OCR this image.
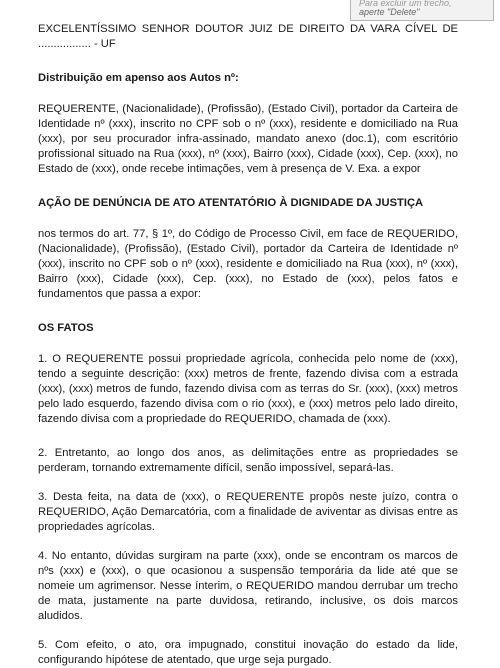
Para excluir um trecho,
aperte "Delete"

EXCELENTÍSSIMO SENHOR DOUTOR JUIZ DE DIREITO DA VARA CÍVEL DE ................. - UF

Distribuição em apenso aos Autos nº:

REQUERENTE, (Nacionalidade), (Profissão), (Estado Civil), portador da Carteira de Identidade nº (xxx), inscrito no CPF sob o nº (xxx), residente e domiciliado na Rua (xxx), por seu procurador infra-assinado, mandato anexo (doc.1), com escritório profissional situado na Rua (xxx), nº (xxx), Bairro (xxx), Cidade (xxx), Cep. (xxx), no Estado de (xxx), onde recebe intimações, vem à presença de V. Exa. a expor

AÇÃO DE DENÚNCIA DE ATO ATENTATÓRIO À DIGNIDADE DA JUSTIÇA

nos termos do art. 77, § 1º, do Código de Processo Civil, em face de REQUERIDO, (Nacionalidade), (Profissão), (Estado Civil), portador da Carteira de Identidade nº (xxx), inscrito no CPF sob o nº (xxx), residente e domiciliado na Rua (xxx), nº (xxx), Bairro (xxx), Cidade (xxx), Cep. (xxx), no Estado de (xxx), pelos fatos e fundamentos que passa a expor:

OS FATOS

1. O REQUERENTE possui propriedade agrícola, conhecida pelo nome de (xxx), tendo a seguinte descrição: (xxx) metros de frente, fazendo divisa com a estrada (xxx), (xxx) metros de fundo, fazendo divisa com as terras do Sr. (xxx), (xxx) metros pelo lado esquerdo, fazendo divisa com o rio (xxx), e (xxx) metros pelo lado direito, fazendo divisa com a propriedade do REQUERIDO, chamada de (xxx).

2. Entretanto, ao longo dos anos, as delimitações entre as propriedades se perderam, tornando extremamente difícil, senão impossível, separá-las.

3. Desta feita, na data de (xxx), o REQUERENTE propôs neste juízo, contra o REQUERIDO, Ação Demarcatória, com a finalidade de aviventar as divisas entre as propriedades agrícolas.

4. No entanto, dúvidas surgiram na parte (xxx), onde se encontram os marcos de nºs (xxx) e (xxx), o que ocasionou a suspensão temporária da lide até que se nomeie um agrimensor. Nesse ínterim, o REQUERIDO mandou derrubar um trecho de mata, justamente na parte duvidosa, retirando, inclusive, os dois marcos aludidos.

5. Com efeito, o ato, ora impugnado, constitui inovação do estado da lide, configurando hipótese de atentado, que urge seja purgado.
